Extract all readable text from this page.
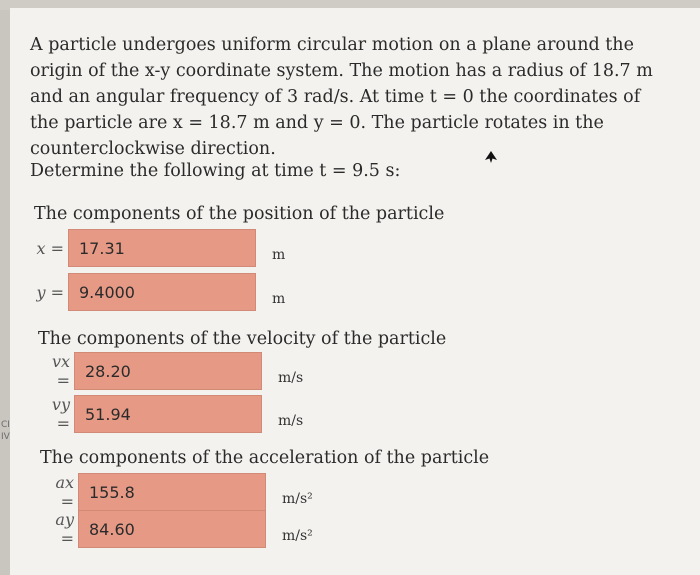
CI
IV
A particle undergoes uniform circular motion on a plane around the origin of the x-y coordinate system. The motion has a radius of 18.7 m and an angular frequency of 3 rad/s. At time t = 0 the coordinates of the particle are x = 18.7 m and y = 0. The particle rotates in the counterclockwise direction.
Determine the following at time t = 9.5 s:
The components of the position of the particle
x = 17.31	m
y = 9.4000	m
The components of the velocity of the particle
vx = 28.20	m/s
vy = 51.94	m/s
The components of the acceleration of the particle
ax = 155.8	m/s²
ay = 84.60	m/s²
